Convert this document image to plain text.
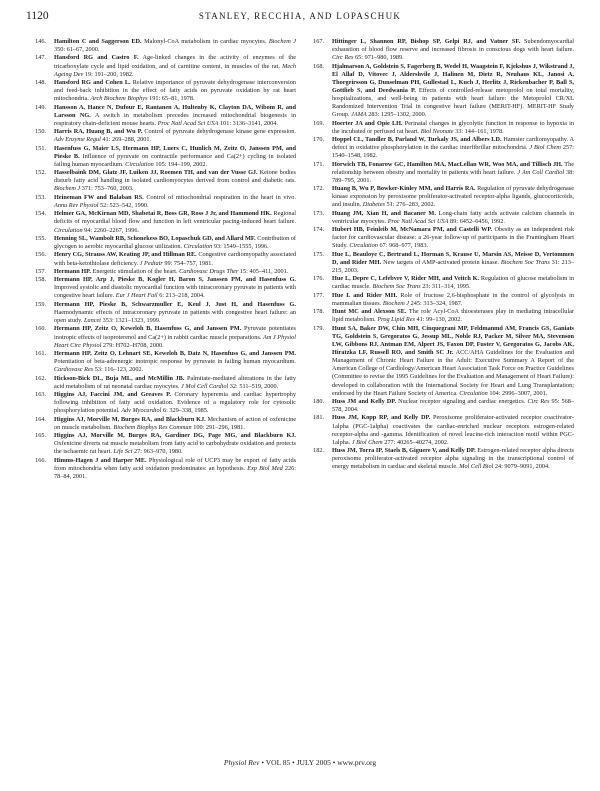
1120	STANLEY, RECCHIA, AND LOPASCHUK
146. Hamilton C and Saggerson ED. Malonyl-CoA metabolism in cardiac myocytes. Biochem J 350: 61–67, 2000.
147. Hansford RG and Castro F. Age-linked changes in the activity of enzymes of the tricarboxylate cycle and lipid oxidation, and of carnitine content, in muscles of the rat. Mech Ageing Dev 19: 191–200, 1982.
148. Hansford RG and Cohen L. Relative importance of pyruvate dehydrogenase interconversion and feed-back inhibition in the effect of fatty acids on pyruvate oxidation by rat heart mitochondria. Arch Biochem Biophys 191: 65–81, 1978.
149. Hansson A, Hance N, Dufour E, Rantanen A, Hultenby K, Clayton DA, Wibom R, and Larsson NG. A switch in metabolism precedes increased mitochondrial biogenesis in respiratory chain-deficient mouse hearts. Proc Natl Acad Sci USA 101: 3136–3141, 2004.
150. Harris RA, Huang B, and Wu P. Control of pyruvate dehydrogenase kinase gene expression. Adv Enzyme Regul 41: 269–288, 2001.
151. Hasenfuss G, Maier LS, Hermann HP, Luers C, Hunlich M, Zeitz O, Janssen PM, and Pieske B. Influence of pyruvate on contractile performance and Ca(2+) cycling in isolated failing human myocardium. Circulation 105: 194–199, 2002.
152. Hasselbaink DM, Glatz JF, Luiken JJ, Roemen TH, and van der Vusse GJ. Ketone bodies disturb fatty acid handling in isolated cardiomyocytes derived from control and diabetic rats. Biochem J 371: 753–760, 2003.
153. Heineman FW and Balaban RS. Control of mitochondrial respiration in the heart in vivo. Annu Rev Physiol 52: 523–542, 1990.
154. Helmer GA, McKirnan MD, Shabetai R, Boss GR, Ross J Jr, and Hammond HK. Regional deficits of myocardial blood flow and function in left ventricular pacing-induced heart failure. Circulation 94: 2260–2267, 1996.
155. Henning SL, Wambolt RB, Schonekess BO, Lopaschuk GD, and Allard MF. Contribution of glycogen to aerobic myocardial glucose utilization. Circulation 93: 1549–1555, 1996.
156. Henry CG, Strauss AW, Keating JP, and Hillman RE. Congestive cardiomyopathy associated with beta-ketothiolase deficiency. J Pediatr 99: 754–757, 1981.
157. Hermann HP. Energetic stimulation of the heart. Cardiovasc Drugs Ther 15: 405–411, 2001.
158. Hermann HP, Arp J, Pieske B, Kogler H, Baron S, Janssen PM, and Hasenfuss G. Improved systolic and diastolic myocardial function with intracoronary pyruvate in patients with congestive heart failure. Eur J Heart Fail 6: 213–218, 2004.
159. Hermann HP, Pieske B, Schwarzmuller E, Keul J, Just H, and Hasenfuss G. Haemodynamic effects of intracoronary pyruvate in patients with congestive heart failure: an open study. Lancet 353: 1321–1323, 1999.
160. Hermann HP, Zeitz O, Keweloh B, Hasenfuss G, and Janssen PM. Pyruvate potentiates inotropic effects of isoproterenol and Ca(2+) in rabbit cardiac muscle preparations. Am J Physiol Heart Circ Physiol 279: H702–H708, 2000.
161. Hermann HP, Zeitz O, Lehnart SE, Keweloh B, Datz N, Hasenfuss G, and Janssen PM. Potentiation of beta-adrenergic inotropic response by pyruvate in failing human myocardium. Cardiovasc Res 53: 116–123, 2002.
162. Hickson-Bick DL, Buja ML, and McMillin JB. Palmitate-mediated alterations in the fatty acid metabolism of rat neonatal cardiac myocytes. J Mol Cell Cardiol 32: 511–519, 2000.
163. Higgins AJ, Faccini JM, and Greaves P. Coronary hyperemia and cardiac hypertrophy following inhibition of fatty acid oxidation. Evidence of a regulatory role for cytosolic phosphorylation potential. Adv Myocardiol 6: 329–338, 1985.
164. Higgins AJ, Morville M, Burges RA, and Blackburn KJ. Mechanism of action of oxfenicine on muscle metabolism. Biochem Biophys Res Commun 100: 291–296, 1981.
165. Higgins AJ, Morville M, Burges RA, Gardiner DG, Page MG, and Blackburn KJ. Oxfenicine diverts rat muscle metabolism from fatty acid to carbohydrate oxidation and protects the ischaemic rat heart. Life Sci 27: 963–970, 1980.
166. Himms-Hagen J and Harper ME. Physiological role of UCP3 may be export of fatty acids from mitochondria when fatty acid oxidation predominates: an hypothesis. Exp Biol Med 226: 78–84, 2001.
167. Hittinger L, Shannon RP, Bishop SP, Gelpi RJ, and Vatner SF. Subendomyocardial exhaustion of blood flow reserve and increased fibrosis in conscious dogs with heart failure. Circ Res 65: 971–980, 1989.
168. Hjalmarson A, Goldstein S, Fagerberg B, Wedel H, Waagstein F, Kjekshus J, Wikstrand J, El Allaf D, Vitovec J, Aldershvile J, Halinen M, Dietz R, Neuhaus KL, Janosi A, Thorgeirsson G, Dunselman PH, Gullestad L, Kuch J, Herlitz J, Rickenbacher P, Ball S, Gottlieb S, and Deedwania P. Effects of controlled-release metoprolol on total mortality, hospitalizations, and well-being in patients with heart failure: the Metoprolol CR/XL Randomized Intervention Trial in congestive heart failure (MERIT-HF). MERIT-HF Study Group. JAMA 283: 1295–1302, 2000.
169. Hoerter JA and Opie LH. Perinatal changes in glycolytic function in response to hypoxia in the incubated or perfused rat heart. Biol Neonate 33: 144–161, 1978.
170. Hoppel CL, Tandler B, Parland W, Turkaly JS, and Albers LD. Hamster cardiomyopathy. A defect in oxidative phosphorylation in the cardiac interfibrillar mitochondria. J Biol Chem 257: 1540–1548, 1982.
171. Horwich TB, Fonarow GC, Hamilton MA, MacLellan WR, Woo MA, and Tillisch JH. The relationship between obesity and mortality in patients with heart failure. J Am Coll Cardiol 38: 789–795, 2001.
172. Huang B, Wu P, Bowker-Kinley MM, and Harris RA. Regulation of pyruvate dehydrogenase kinase expression by peroxisome proliferator-activated receptor-alpha ligands, glucocorticoids, and insulin. Diabetes 51: 276–283, 2002.
173. Huang JM, Xian H, and Bacaner M. Long-chain fatty acids activate calcium channels in ventricular myocytes. Proc Natl Acad Sci USA 89: 6452–6456, 1992.
174. Hubert HB, Feinleib M, McNamara PM, and Castelli WP. Obesity as an independent risk factor for cardiovascular disease: a 26-year follow-up of participants in the Framingham Heart Study. Circulation 67: 968–977, 1983.
175. Hue L, Beauloye C, Bertrand L, Horman S, Krause U, Marsin AS, Meisse D, Vertommen D, and Rider MH. New targets of AMP-activated protein kinase. Biochem Soc Trans 31: 213–215, 2003.
176. Hue L, Depre C, Lefebvre V, Rider MH, and Veitch K. Regulation of glucose metabolism in cardiac muscle. Biochem Soc Trans 23: 311–314, 1995.
177. Hue L and Rider MH. Role of fructose 2,6-bisphosphate in the control of glycolysis in mammalian tissues. Biochem J 245: 313–324, 1987.
178. Hunt MC and Alexson SE. The role Acyl-CoA thioesterases play in mediating intracellular lipid metabolism. Prog Lipid Res 41: 99–130, 2002.
179. Hunt SA, Baker DW, Chin MH, Cinquegrani MP, Feldmanmd AM, Francis GS, Ganiats TG, Goldstein S, Gregoratos G, Jessup ML, Noble RJ, Packer M, Silver MA, Stevenson LW, Gibbons RJ, Antman EM, Alpert JS, Faxon DP, Fuster V, Gregoratos G, Jacobs AK, Hiratzka LF, Russell RO, and Smith SC Jr. ACC/AHA Guidelines for the Evaluation and Management of Chronic Heart Failure in the Adult: Executive Summary A Report of the American College of Cardiology/American Heart Association Task Force on Practice Guidelines (Committee to revise the 1995 Guidelines for the Evaluation and Management of Heart Failure): developed in collaboration with the International Society for Heart and Lung Transplantation; endorsed by the Heart Failure Society of America. Circulation 104: 2996–3007, 2001.
180. Huss JM and Kelly DP. Nuclear receptor signaling and cardiac energetics. Circ Res 95: 568–578, 2004.
181. Huss JM, Kopp RP, and Kelly DP. Peroxisome proliferator-activated receptor coactivator-1alpha (PGC-1alpha) coactivates the cardiac-enriched nuclear receptors estrogen-related receptor-alpha and -gamma. Identification of novel leucine-rich interaction motif within PGC-1alpha. J Biol Chem 277: 40265–40274, 2002.
182. Huss JM, Torra IP, Staels B, Giguere V, and Kelly DP. Estrogen-related receptor alpha directs peroxisome proliferator-activated receptor alpha signaling in the transcriptional control of energy metabolism in cardiac and skeletal muscle. Mol Cell Biol 24: 9079–9091, 2004.
Physiol Rev • VOL 85 • JULY 2005 • www.prv.org
